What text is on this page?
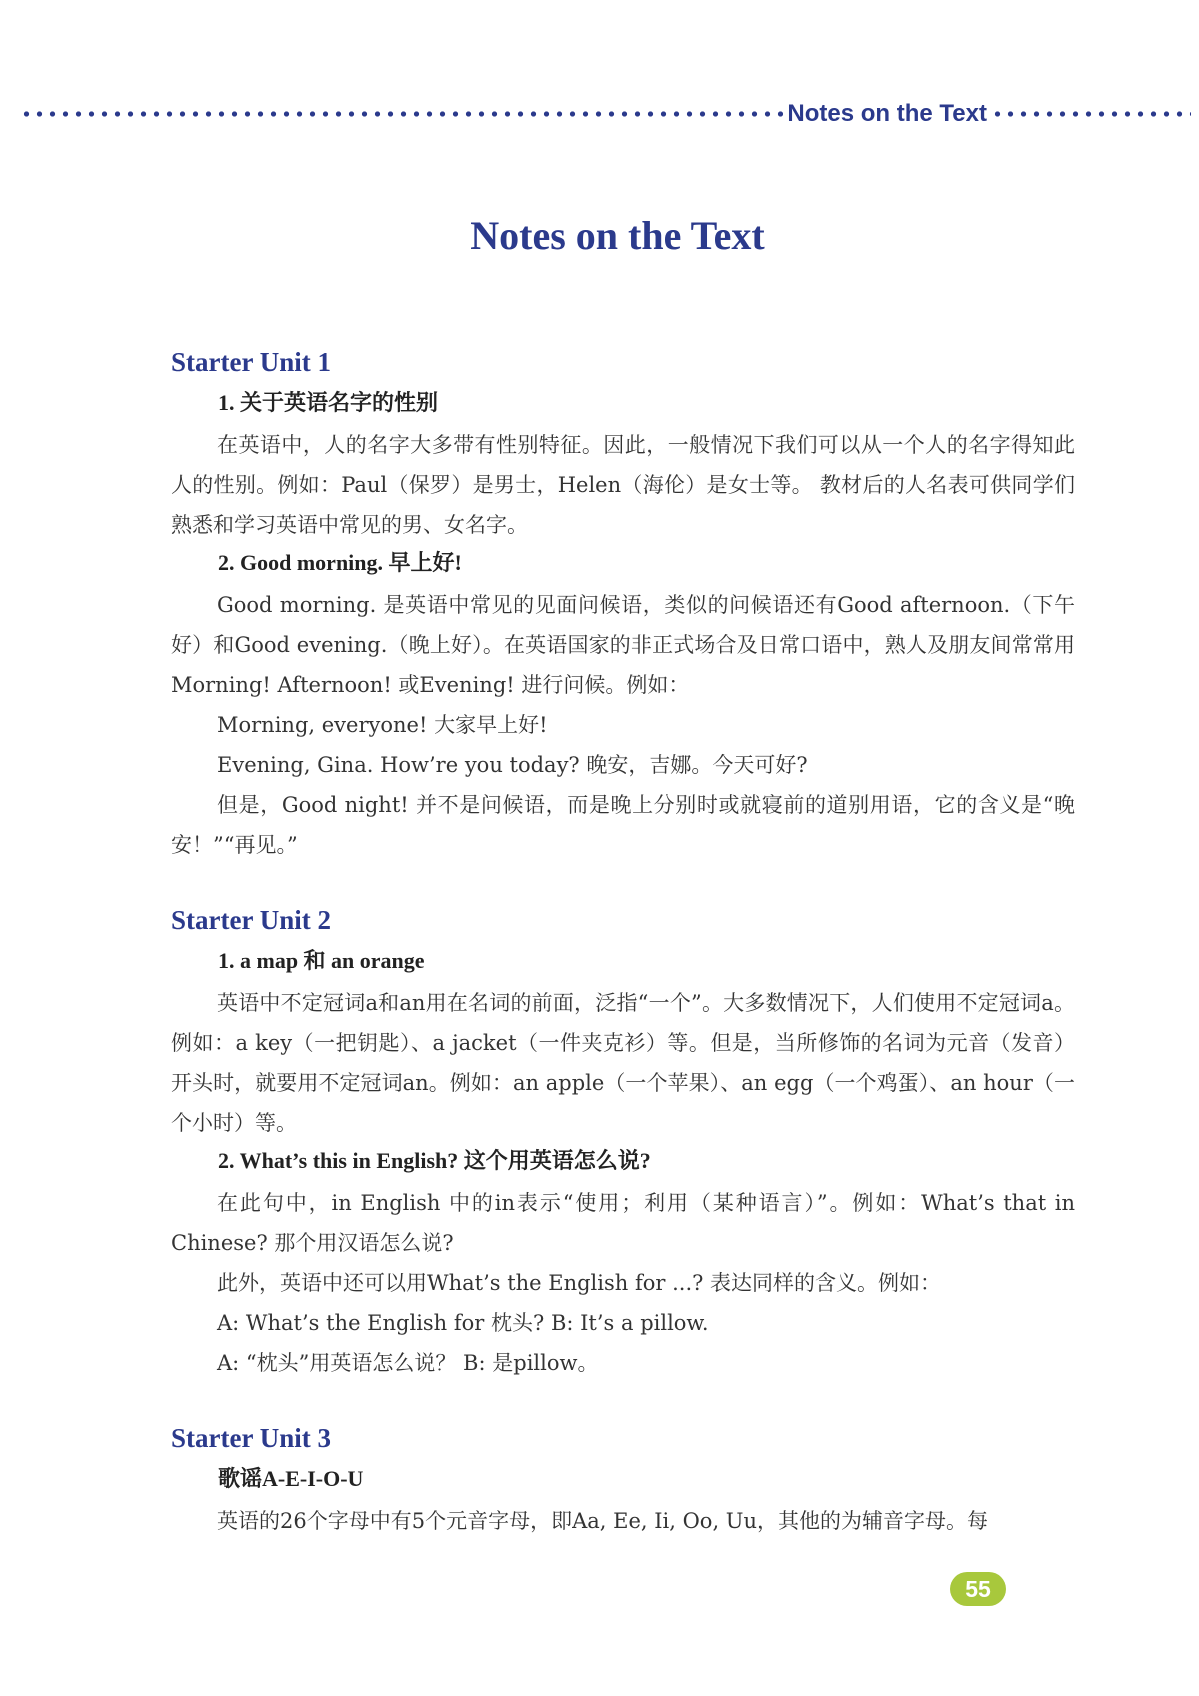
Notes on the Text
Notes on the Text
Starter Unit 1
1. 关于英语名字的性别

在英语中，人的名字大多带有性别特征。因此，一般情况下我们可以从一个人的名字得知此人的性别。例如：Paul（保罗）是男士，Helen（海伦）是女士等。 教材后的人名表可供同学们熟悉和学习英语中常见的男、女名字。

2. Good morning. 早上好!

Good morning. 是英语中常见的见面问候语，类似的问候语还有Good afternoon.（下午好）和Good evening.（晚上好）。在英语国家的非正式场合及日常口语中，熟人及朋友间常常用Morning! Afternoon! 或Evening! 进行问候。例如：

Morning, everyone! 大家早上好!

Evening, Gina. How’re you today? 晚安，吉娜。今天可好?

但是，Good night! 并不是问候语，而是晚上分别时或就寝前的道别用语，它的含义是“晚安！”“再见。”

Starter Unit 2
1. a map 和 an orange

英语中不定冠词a和an用在名词的前面，泛指“一个”。大多数情况下，人们使用不定冠词a。例如：a key（一把钥匙）、a jacket（一件夹克衫）等。但是，当所修饰的名词为元音（发音）开头时，就要用不定冠词an。例如：an apple（一个苹果）、an egg（一个鸡蛋）、an hour（一个小时）等。

2. What’s this in English? 这个用英语怎么说?

在此句中，in English 中的in表示“使用；利用（某种语言）”。例如：What’s that in Chinese? 那个用汉语怎么说?

此外，英语中还可以用What’s the English for ...? 表达同样的含义。例如：

A: What’s the English for 枕头? B: It’s a pillow.

A: “枕头”用英语怎么说？ B: 是pillow。

Starter Unit 3
歌谣A-E-I-O-U

英语的26个字母中有5个元音字母，即Aa, Ee, Ii, Oo, Uu，其他的为辅音字母。每

55
